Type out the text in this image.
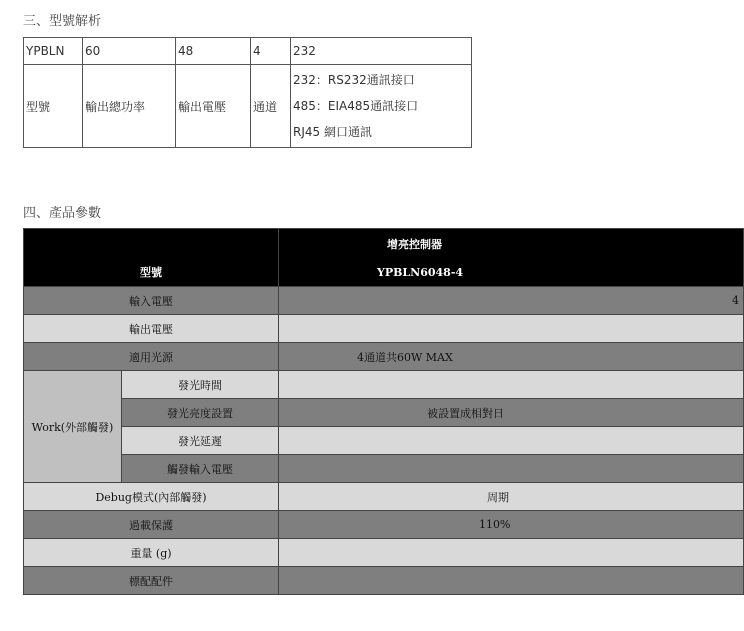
三、型號解析
YPBLN	60	48	4	232
型號	輸出總功率	輸出電壓	通道	232：RS232通訊接口
485：EIA485通訊接口
RJ45 網口通訊
四、產品參數
		增亮控制器
型號		YPBLN6048-4
輸入電壓		4
輸出電壓		
適用光源		4通道共60W MAX
Work(外部觸發)	發光時間	
	發光亮度設置	被設置成相對日
	發光延遲	
	觸發輸入電壓	
Debug模式(內部觸發)		周期
過載保護		110%
重量 (g)		
標配配件		
